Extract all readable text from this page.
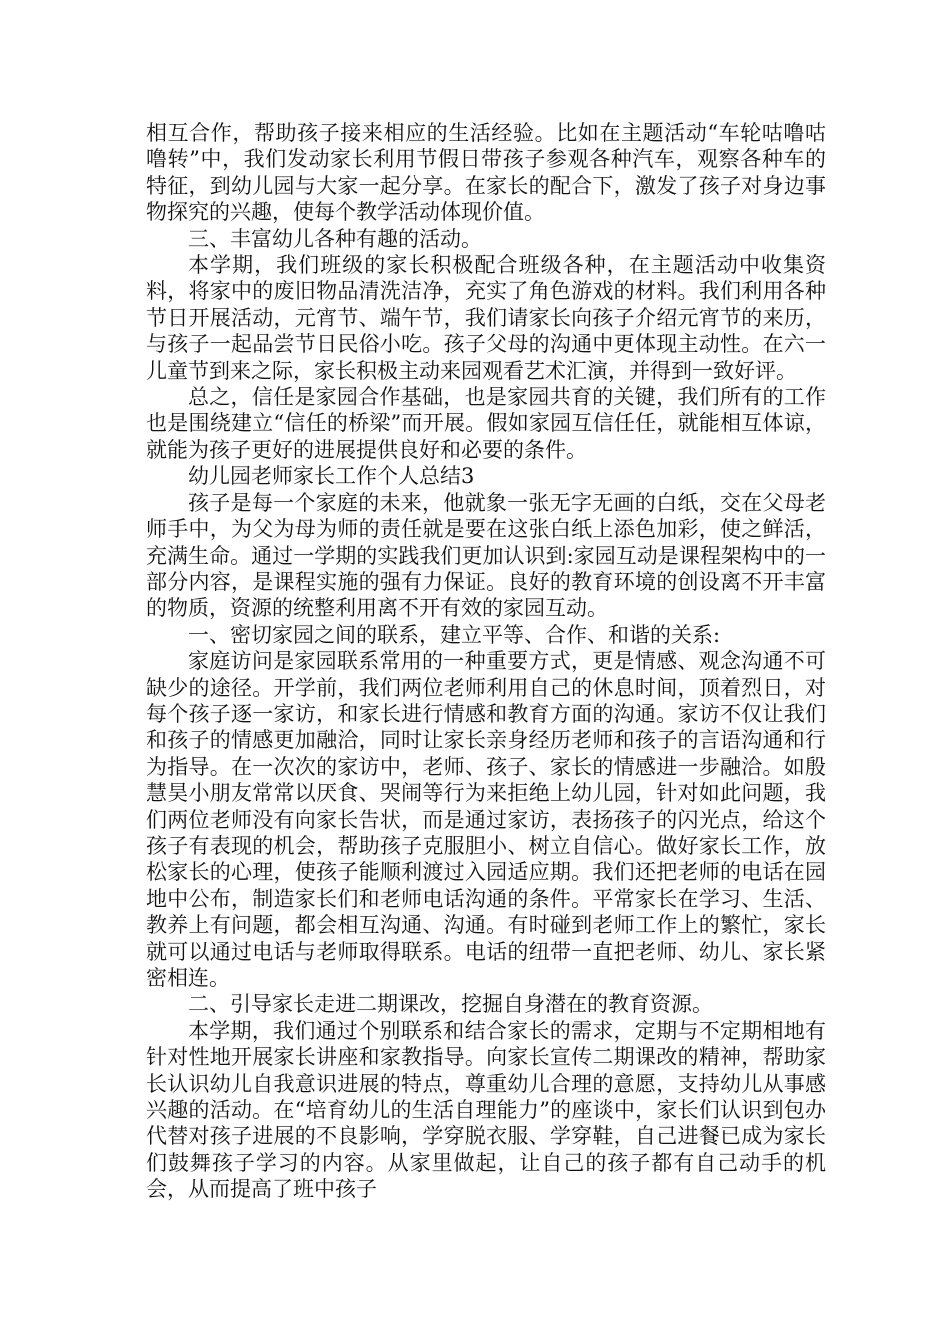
相互合作，帮助孩子接来相应的生活经验。比如在主题活动“车轮咕噜咕噜转”中，我们发动家长利用节假日带孩子参观各种汽车，观察各种车的特征，到幼儿园与大家一起分享。在家长的配合下，激发了孩子对身边事物探究的兴趣，使每个教学活动体现价值。

三、丰富幼儿各种有趣的活动。

本学期，我们班级的家长积极配合班级各种，在主题活动中收集资料，将家中的废旧物品清洗洁净，充实了角色游戏的材料。我们利用各种节日开展活动，元宵节、端午节，我们请家长向孩子介绍元宵节的来历，与孩子一起品尝节日民俗小吃。孩子父母的沟通中更体现主动性。在六一儿童节到来之际，家长积极主动来园观看艺术汇演，并得到一致好评。

总之，信任是家园合作基础，也是家园共育的关键，我们所有的工作也是围绕建立“信任的桥梁”而开展。假如家园互信任任，就能相互体谅，就能为孩子更好的进展提供良好和必要的条件。

幼儿园老师家长工作个人总结3

孩子是每一个家庭的未来，他就象一张无字无画的白纸，交在父母老师手中，为父为母为师的责任就是要在这张白纸上添色加彩，使之鲜活，充满生命。通过一学期的实践我们更加认识到:家园互动是课程架构中的一部分内容，是课程实施的强有力保证。良好的教育环境的创设离不开丰富的物质，资源的统整利用离不开有效的家园互动。

一、密切家园之间的联系，建立平等、合作、和谐的关系:

家庭访问是家园联系常用的一种重要方式，更是情感、观念沟通不可缺少的途径。开学前，我们两位老师利用自己的休息时间，顶着烈日，对每个孩子逐一家访，和家长进行情感和教育方面的沟通。家访不仅让我们和孩子的情感更加融洽，同时让家长亲身经历老师和孩子的言语沟通和行为指导。在一次次的家访中，老师、孩子、家长的情感进一步融洽。如殷慧昊小朋友常常以厌食、哭闹等行为来拒绝上幼儿园，针对如此问题，我们两位老师没有向家长告状，而是通过家访，表扬孩子的闪光点，给这个孩子有表现的机会，帮助孩子克服胆小、树立自信心。做好家长工作，放松家长的心理，使孩子能顺利渡过入园适应期。我们还把老师的电话在园地中公布，制造家长们和老师电话沟通的条件。平常家长在学习、生活、教养上有问题，都会相互沟通、沟通。有时碰到老师工作上的繁忙，家长就可以通过电话与老师取得联系。电话的纽带一直把老师、幼儿、家长紧密相连。

二、引导家长走进二期课改，挖掘自身潜在的教育资源。

本学期，我们通过个别联系和结合家长的需求，定期与不定期相地有针对性地开展家长讲座和家教指导。向家长宣传二期课改的精神，帮助家长认识幼儿自我意识进展的特点，尊重幼儿合理的意愿，支持幼儿从事感兴趣的活动。在“培育幼儿的生活自理能力”的座谈中，家长们认识到包办代替对孩子进展的不良影响，学穿脱衣服、学穿鞋，自己进餐已成为家长们鼓舞孩子学习的内容。从家里做起，让自己的孩子都有自己动手的机会，从而提高了班中孩子
